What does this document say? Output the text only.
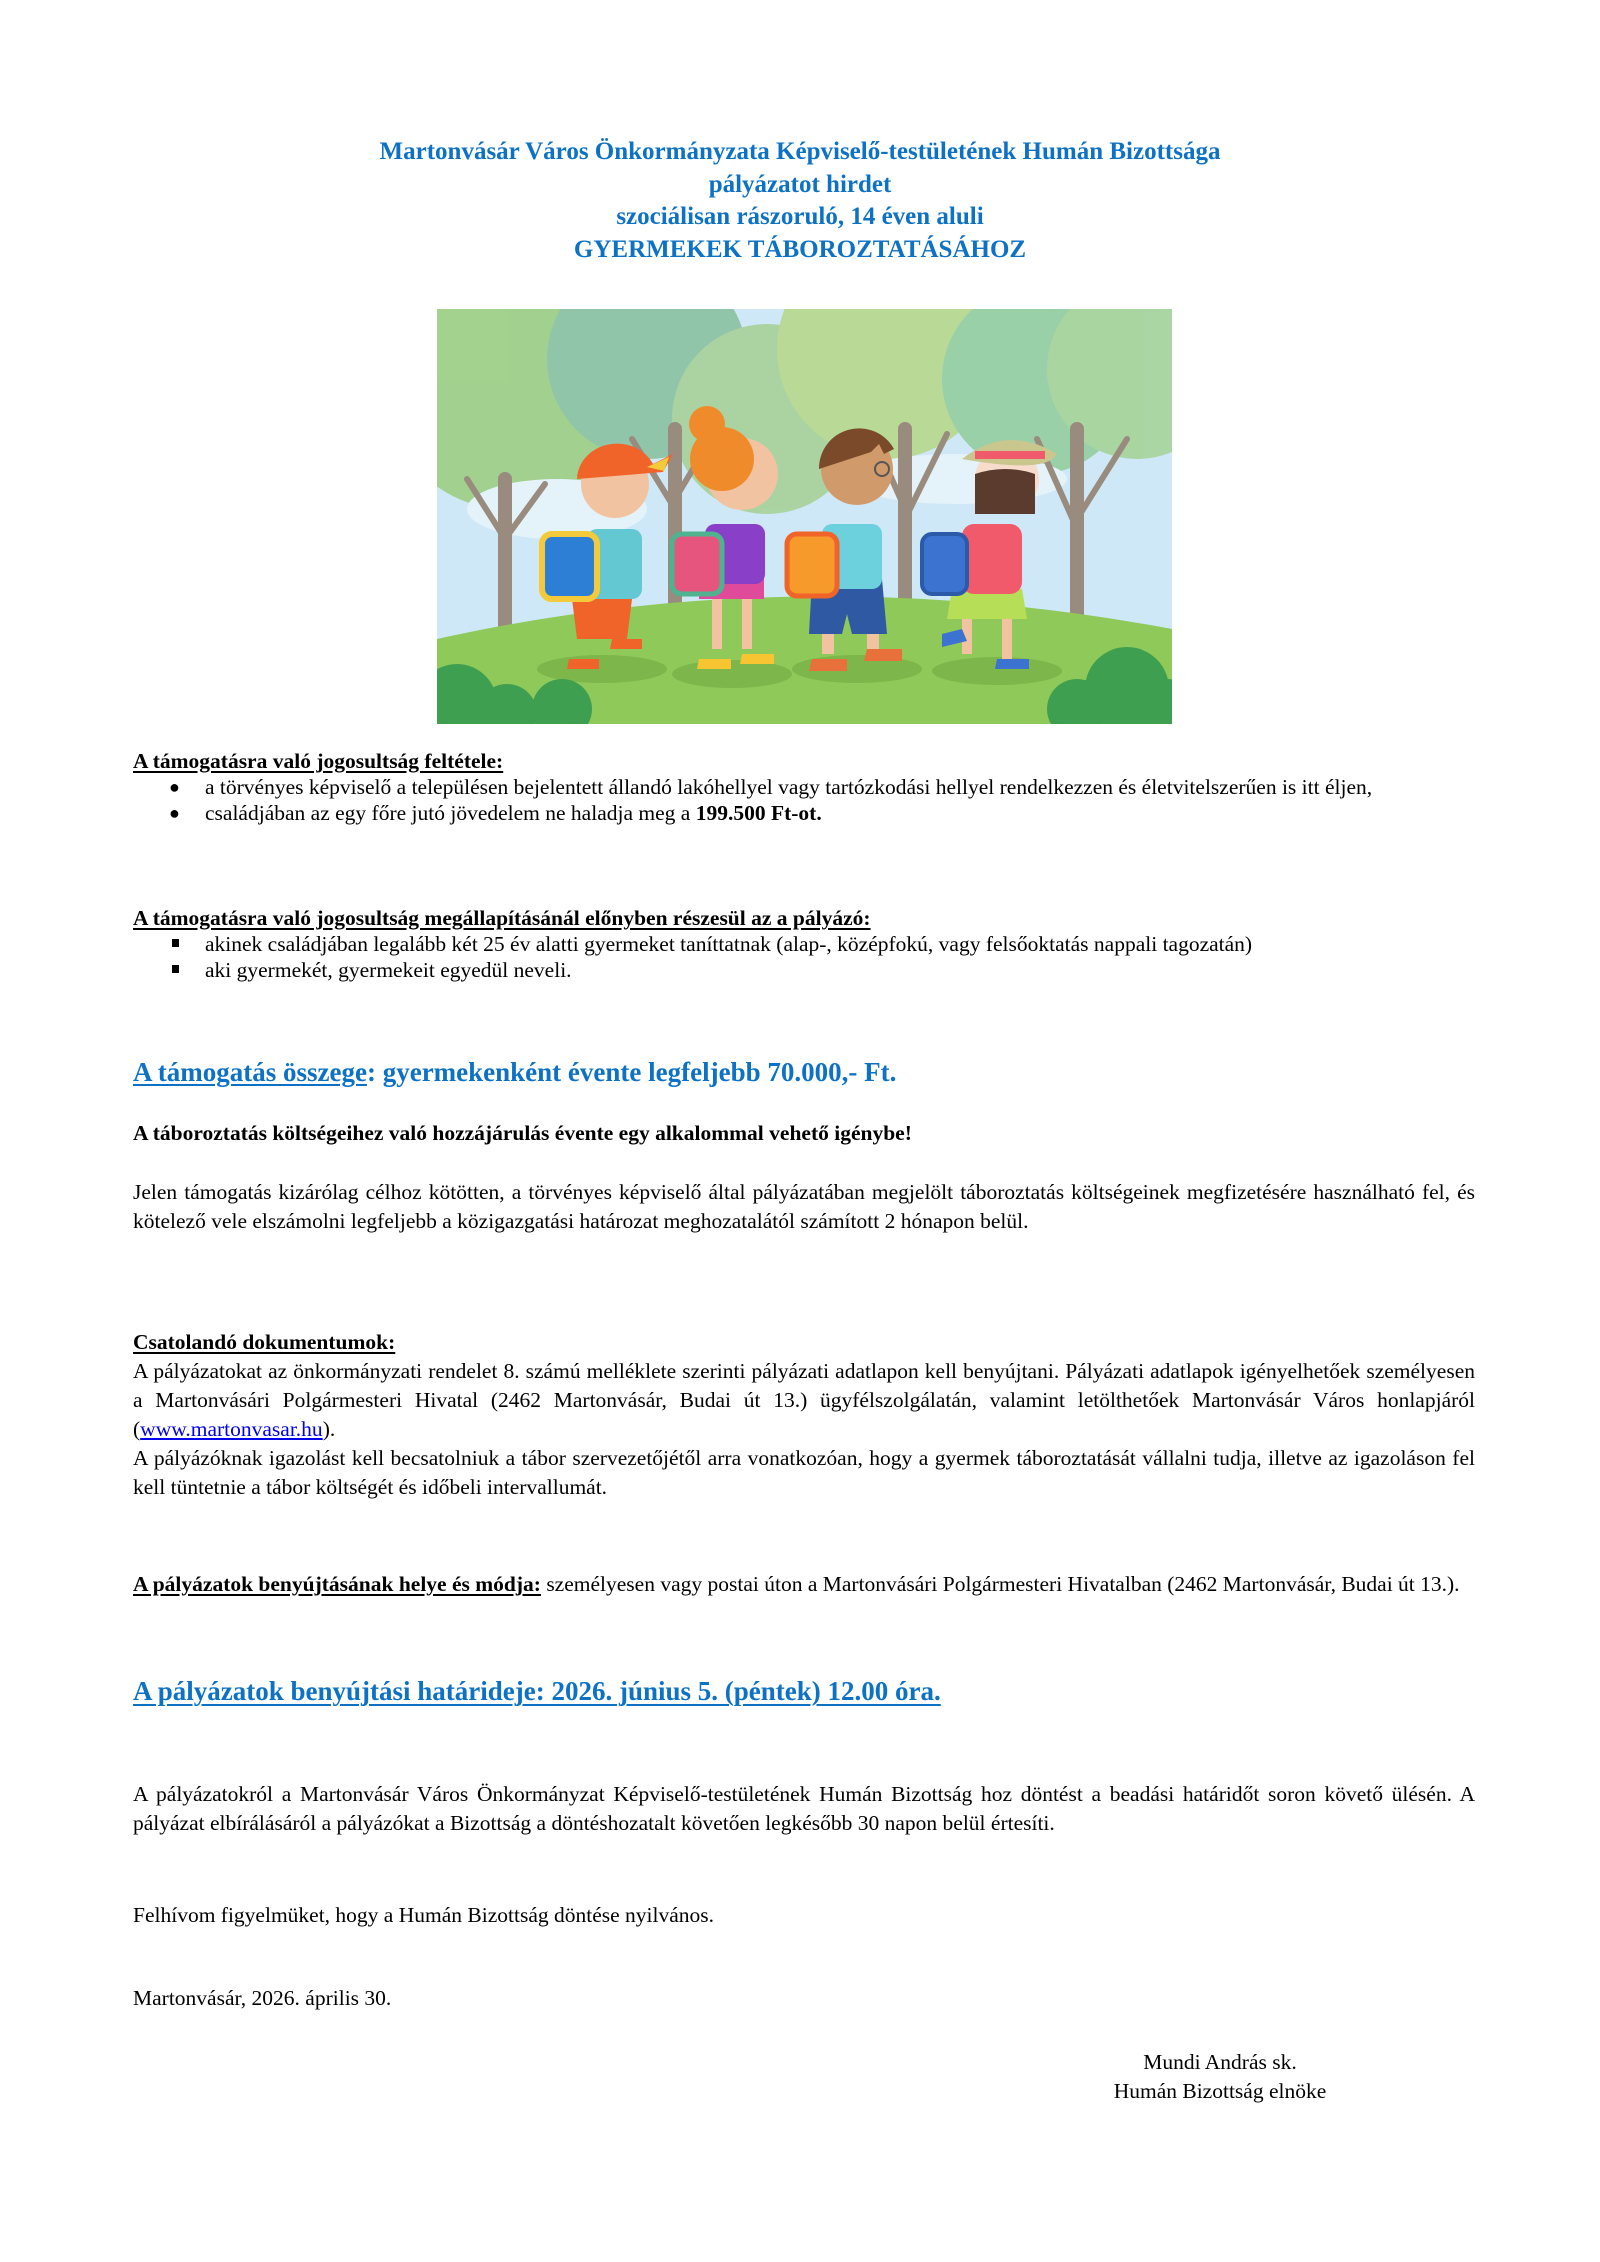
Martonvásár Város Önkormányzata Képviselő-testületének Humán Bizottsága
pályázatot hirdet
szociálisan rászoruló, 14 éven aluli
GYERMEKEK TÁBOROZTATÁSÁHOZ
A támogatásra való jogosultság feltétele:
●	a törvényes képviselő a településen bejelentett állandó lakóhellyel vagy tartózkodási hellyel rendelkezzen és életvitelszerűen is itt éljen,
●	családjában az egy főre jutó jövedelem ne haladja meg a 199.500 Ft-ot.
A támogatásra való jogosultság megállapításánál előnyben részesül az a pályázó:
akinek családjában legalább két 25 év alatti gyermeket taníttatnak (alap-, középfokú, vagy felsőoktatás nappali tagozatán)
aki gyermekét, gyermekeit egyedül neveli.
A támogatás összege: gyermekenként évente legfeljebb 70.000,- Ft.
A táboroztatás költségeihez való hozzájárulás évente egy alkalommal vehető igénybe!
Jelen támogatás kizárólag célhoz kötötten, a törvényes képviselő által pályázatában megjelölt táboroztatás költségeinek megfizetésére használható fel, és kötelező vele elszámolni legfeljebb a közigazgatási határozat meghozatalától számított 2 hónapon belül.
Csatolandó dokumentumok:
A pályázatokat az önkormányzati rendelet 8. számú melléklete szerinti pályázati adatlapon kell benyújtani. Pályázati adatlapok igényelhetőek személyesen a Martonvásári Polgármesteri Hivatal (2462 Martonvásár, Budai út 13.) ügyfélszolgálatán, valamint letölthetőek Martonvásár Város honlapjáról (www.martonvasar.hu).
A pályázóknak igazolást kell becsatolniuk a tábor szervezetőjétől arra vonatkozóan, hogy a gyermek táboroztatását vállalni tudja, illetve az igazoláson fel kell tüntetnie a tábor költségét és időbeli intervallumát.
A pályázatok benyújtásának helye és módja: személyesen vagy postai úton a Martonvásári Polgármesteri Hivatalban (2462 Martonvásár, Budai út 13.).
A pályázatok benyújtási határideje: 2026. június 5. (péntek) 12.00 óra.
A pályázatokról a Martonvásár Város Önkormányzat Képviselő-testületének Humán Bizottság hoz döntést a beadási határidőt soron követő ülésén. A pályázat elbírálásáról a pályázókat a Bizottság a döntéshozatalt követően legkésőbb 30 napon belül értesíti.
Felhívom figyelmüket, hogy a Humán Bizottság döntése nyilvános.
Martonvásár, 2026. április 30.
Mundi András sk.
Humán Bizottság elnöke
